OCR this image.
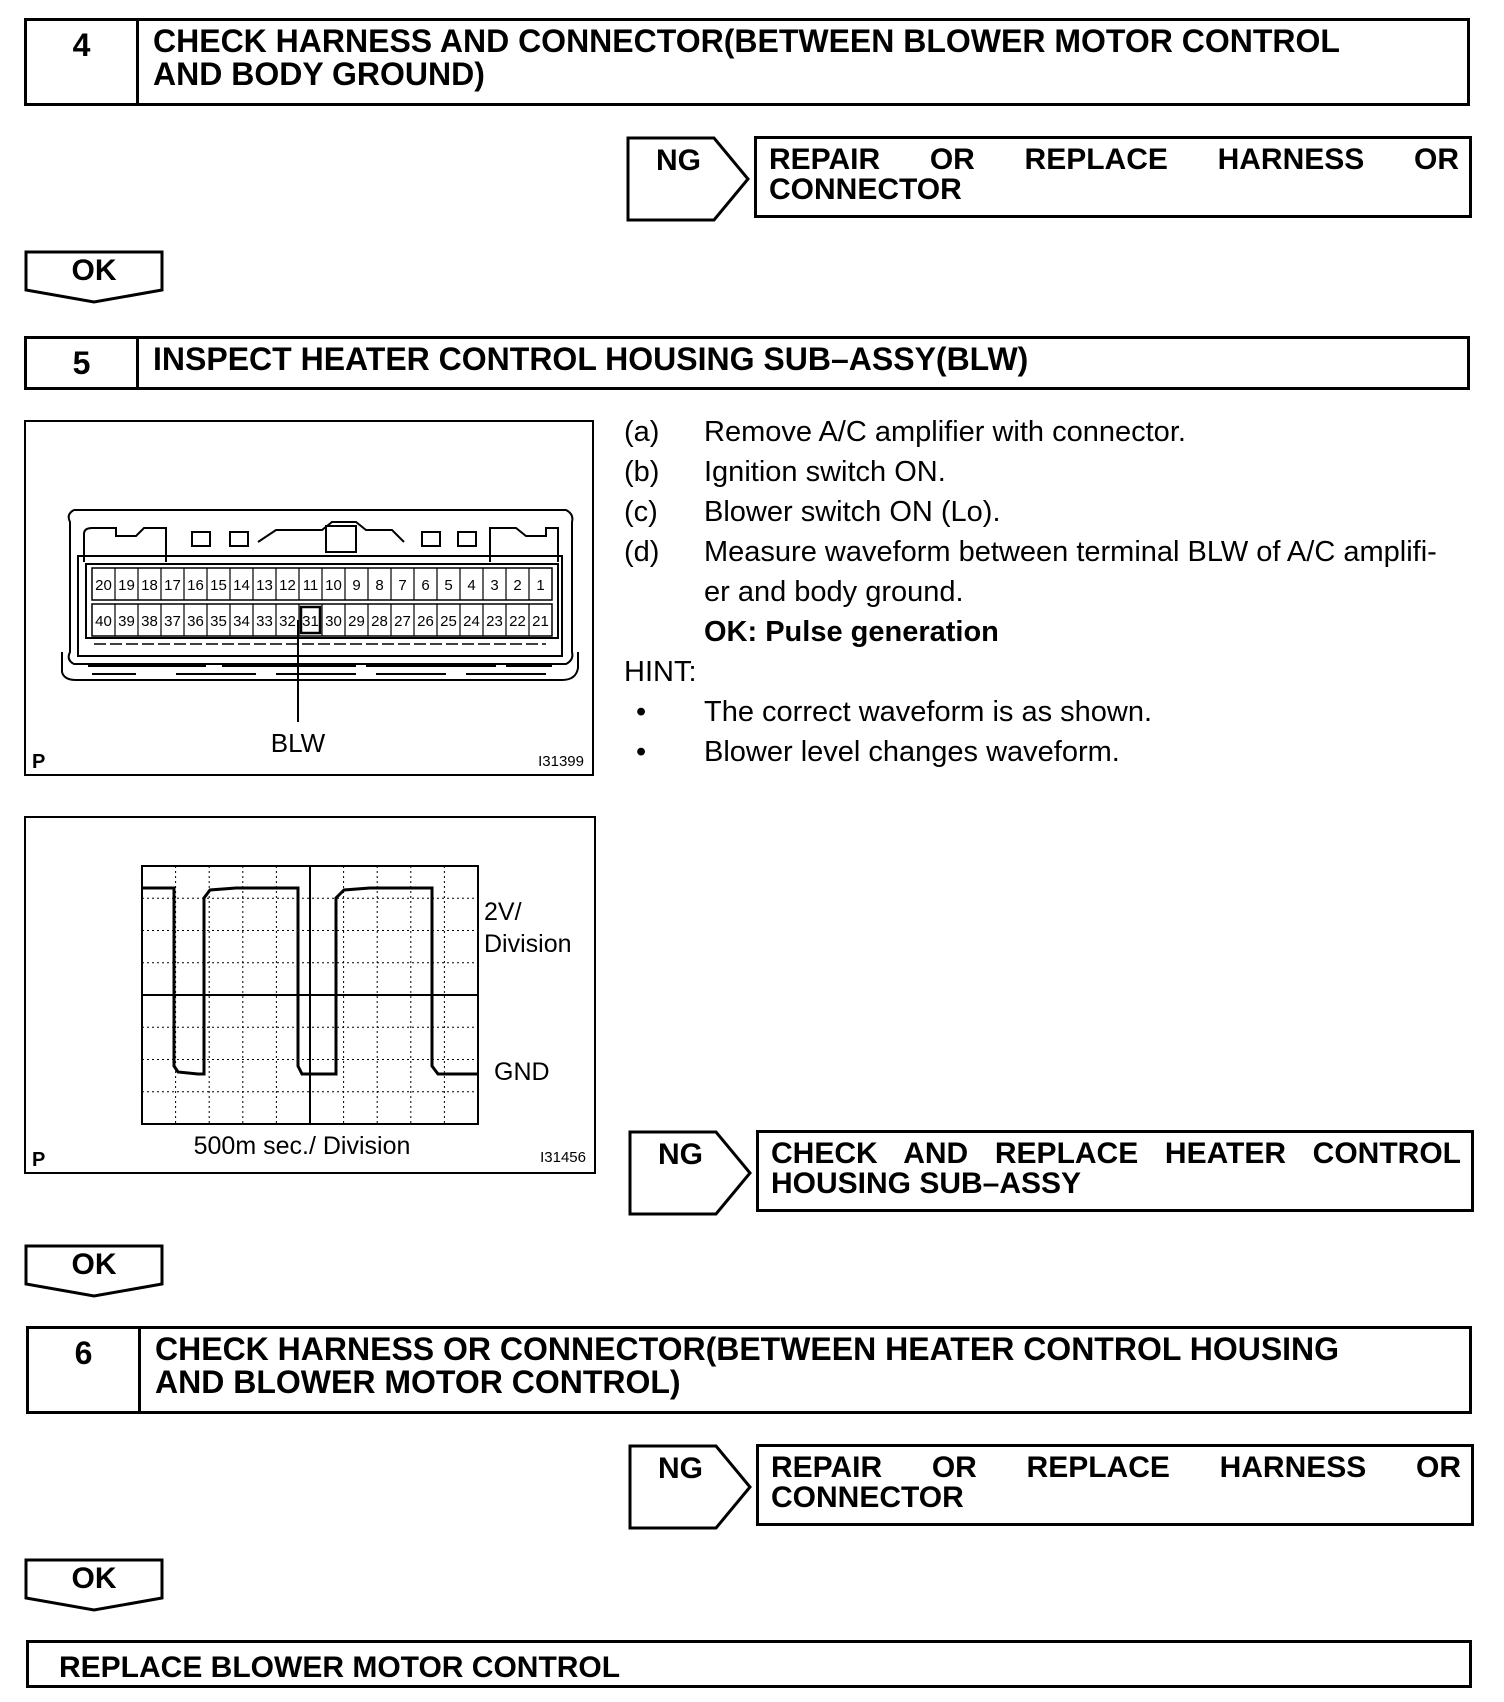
4	CHECK HARNESS AND CONNECTOR(BETWEEN BLOWER MOTOR CONTROL
AND BODY GROUND)
NG	REPAIR OR REPLACE HARNESS OR CONNECTOR
OK
5	INSPECT HEATER CONTROL HOUSING SUB–ASSY(BLW)
20 19 18 17 16 15 14 13 12 11 10 9 8 7 6 5 4 3 2 1
40 39 38 37 36 35 34 33 32 31 30 29 28 27 26 25 24 23 22 21
BLW
P	I31399
(a) Remove A/C amplifier with connector.
(b) Ignition switch ON.
(c) Blower switch ON (Lo).
(d) Measure waveform between terminal BLW of A/C amplifi-
er and body ground.
OK: Pulse generation
HINT:
• The correct waveform is as shown.
• Blower level changes waveform.
2V/
Division
GND
500m sec./ Division
P	I31456 NG	CHECK AND REPLACE HEATER CONTROL HOUSING SUB–ASSY
OK
6	CHECK HARNESS OR CONNECTOR(BETWEEN HEATER CONTROL HOUSING
AND BLOWER MOTOR CONTROL)
NG	REPAIR OR REPLACE HARNESS OR CONNECTOR
OK
REPLACE BLOWER MOTOR CONTROL
